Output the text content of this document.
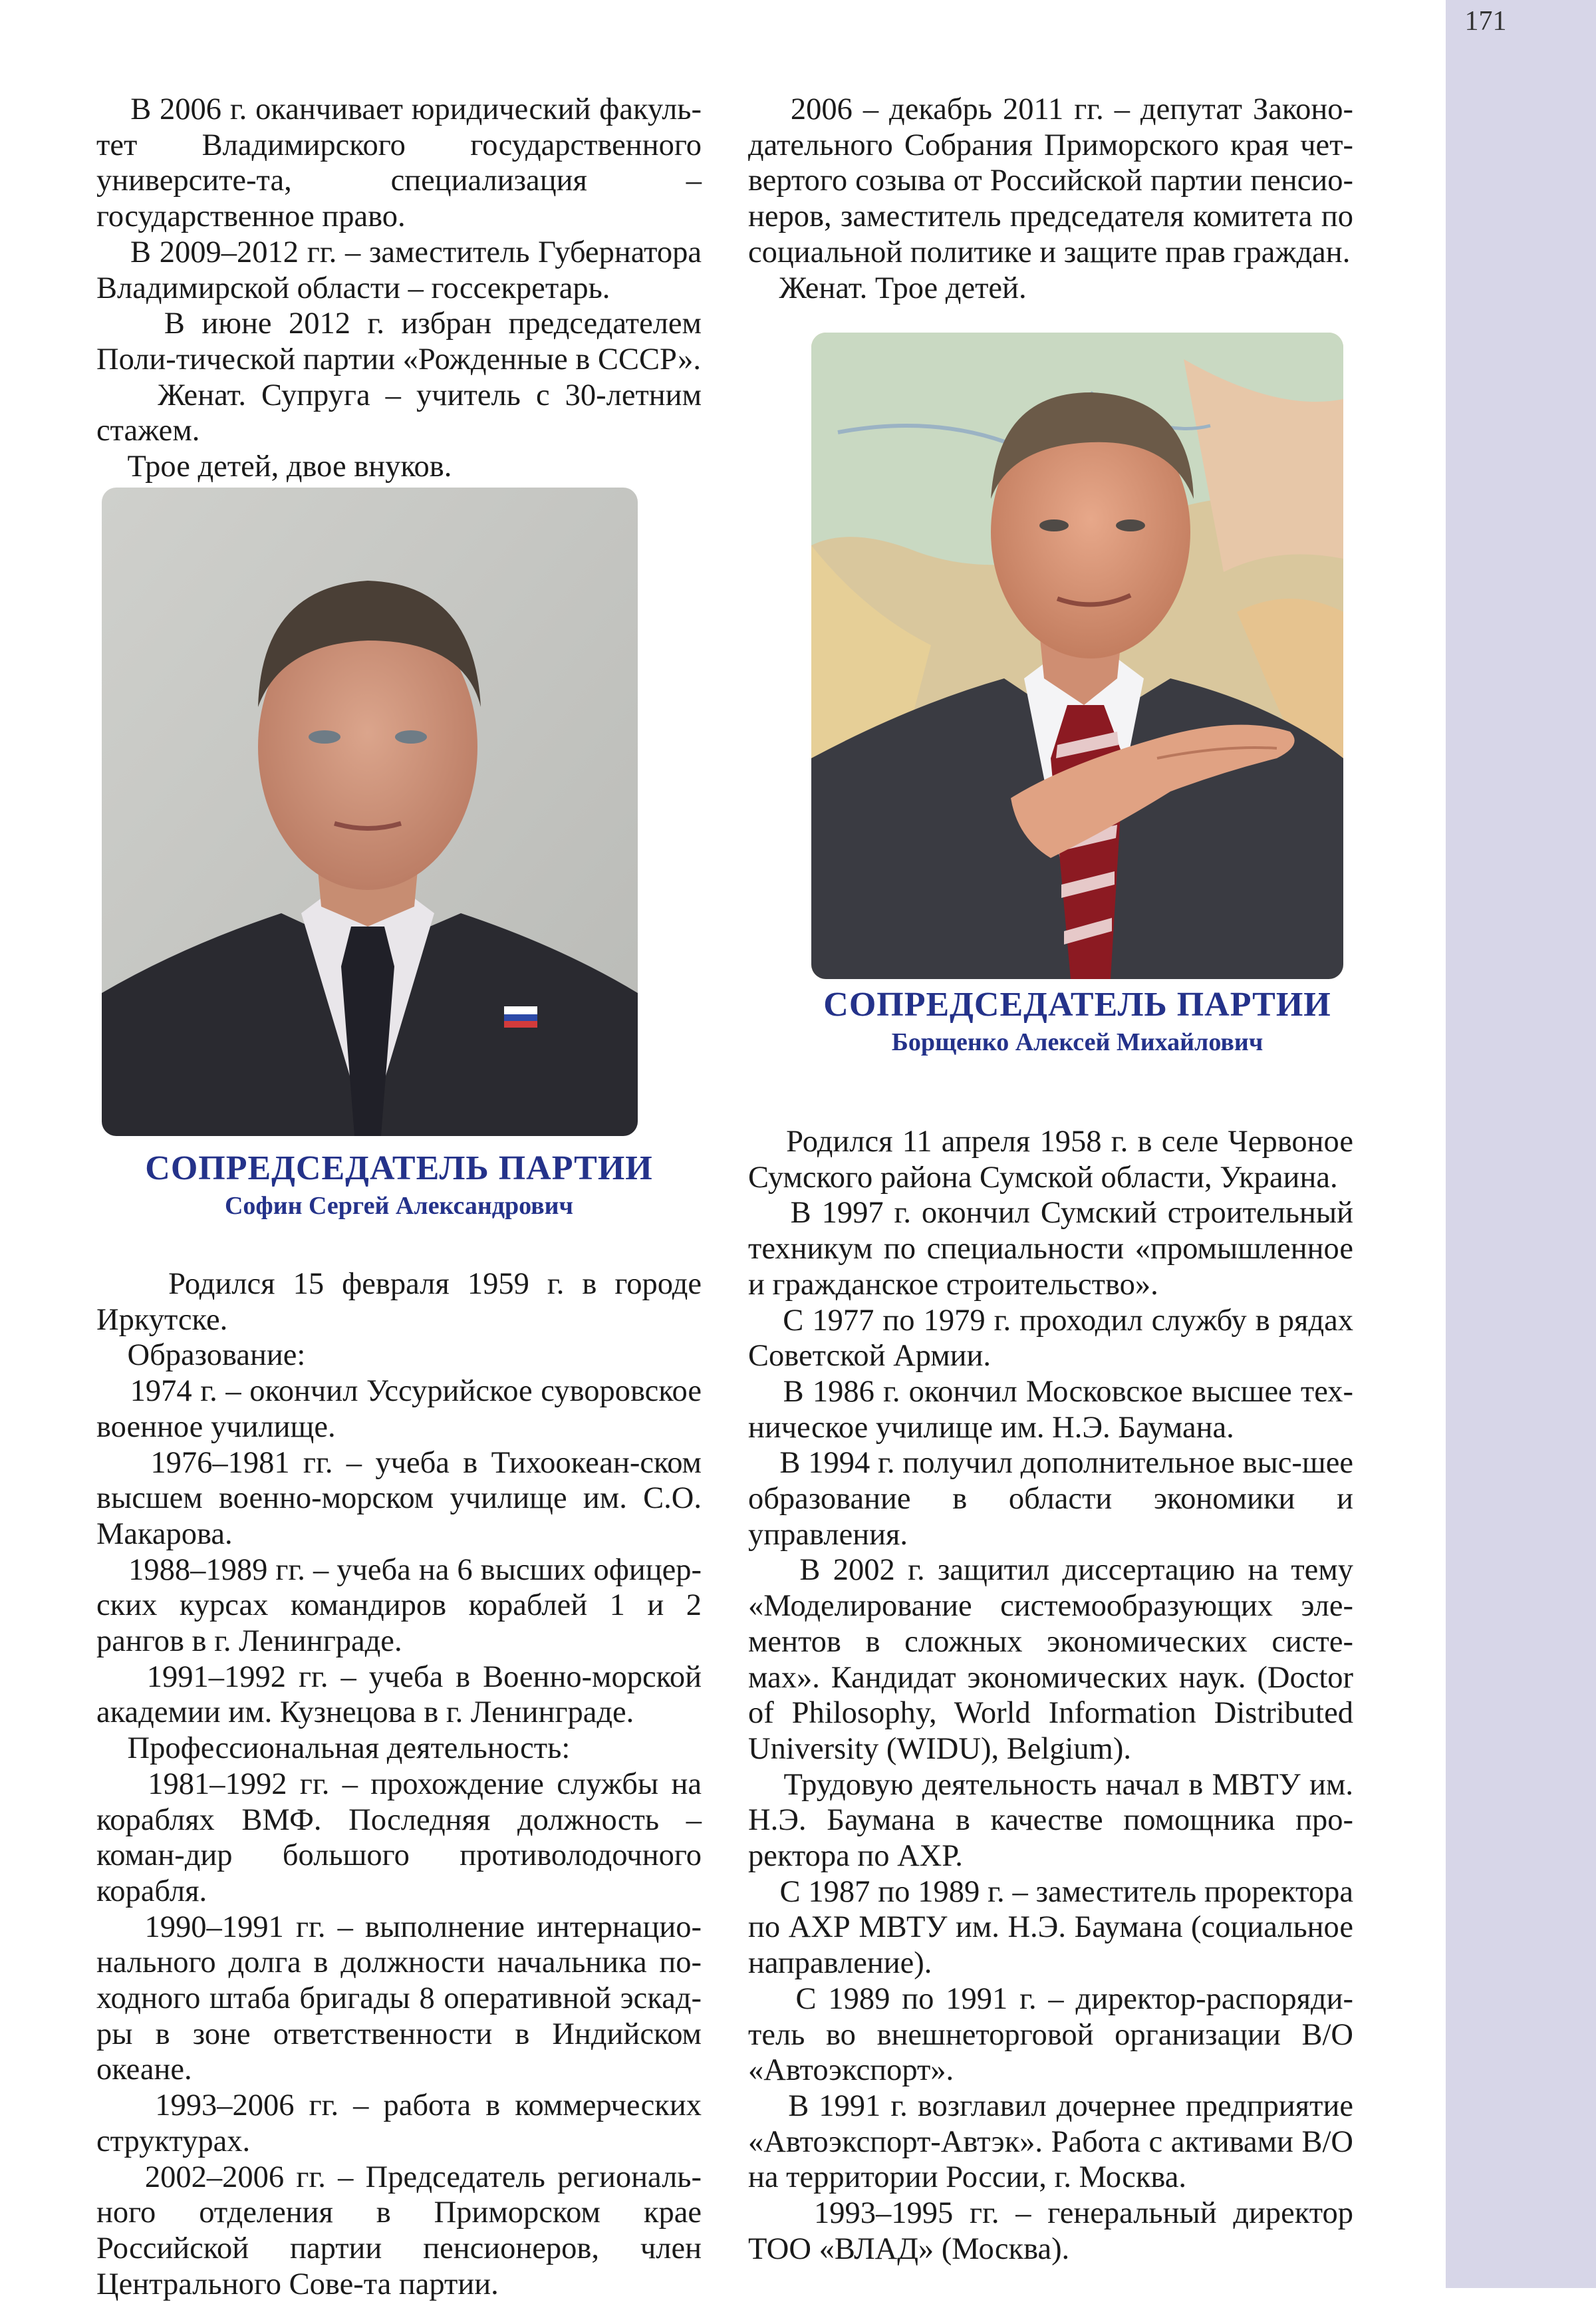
171

В 2006 г. оканчивает юридический факуль-тет Владимирского государственного университе-та, специализация – государственное право.

В 2009–2012 гг. – заместитель Губернатора Владимирской области – госсекретарь.

В июне 2012 г. избран председателем Поли-тической партии «Рожденные в СССР».

Женат. Супруга – учитель с 30-летним стажем.

Трое детей, двое внуков.

СОПРЕДСЕДАТЕЛЬ ПАРТИИ
Софин Сергей Александрович

Родился 15 февраля 1959 г. в городе Иркутске.

Образование:

1974 г. – окончил Уссурийское суворовское военное училище.

1976–1981 гг. – учеба в Тихоокеан-ском высшем военно-морском училище им. С.О. Макарова.

1988–1989 гг. – учеба на 6 высших офицер-ских курсах командиров кораблей 1 и 2 рангов в г. Ленинграде.

1991–1992 гг. – учеба в Военно-морской академии им. Кузнецова в г. Ленинграде.

Профессиональная деятельность:

1981–1992 гг. – прохождение службы на кораблях ВМФ. Последняя должность – коман-дир большого противолодочного корабля.

1990–1991 гг. – выполнение интернацио-нального долга в должности начальника по-ходного штаба бригады 8 оперативной эскад-ры в зоне ответственности в Индийском океане.

1993–2006 гг. – работа в коммерческих структурах.

2002–2006 гг. – Председатель региональ-ного отделения в Приморском крае Российской партии пенсионеров, член Центрального Сове-та партии.

2006 – декабрь 2011 гг. – депутат Законо-дательного Собрания Приморского края чет-вертого созыва от Российской партии пенсио-неров, заместитель председателя комитета по социальной политике и защите прав граждан.

Женат. Трое детей.

СОПРЕДСЕДАТЕЛЬ ПАРТИИ
Борщенко Алексей Михайлович

Родился 11 апреля 1958 г. в селе Червоное Сумского района Сумской области, Украина.

В 1997 г. окончил Сумский строительный техникум по специальности «промышленное и гражданское строительство».

С 1977 по 1979 г. проходил службу в рядах Советской Армии.

В 1986 г. окончил Московское высшее тех-ническое училище им. Н.Э. Баумана.

В 1994 г. получил дополнительное выс-шее образование в области экономики и управления.

В 2002 г. защитил диссертацию на тему «Моделирование системообразующих эле-ментов в сложных экономических систе-мах». Кандидат экономических наук. (Doctor of Philosophy, World Information Distributed University (WIDU), Belgium).

Трудовую деятельность начал в МВТУ им. Н.Э. Баумана в качестве помощника про-ректора по АХР.

С 1987 по 1989 г. – заместитель проректора по АХР МВТУ им. Н.Э. Баумана (социальное направление).

С 1989 по 1991 г. – директор-распоряди-тель во внешнеторговой организации В/О «Автоэкспорт».

В 1991 г. возглавил дочернее предприятие «Автоэкспорт-Автэк». Работа с активами В/О на территории России, г. Москва.

1993–1995 гг. – генеральный директор ТОО «ВЛАД» (Москва).
